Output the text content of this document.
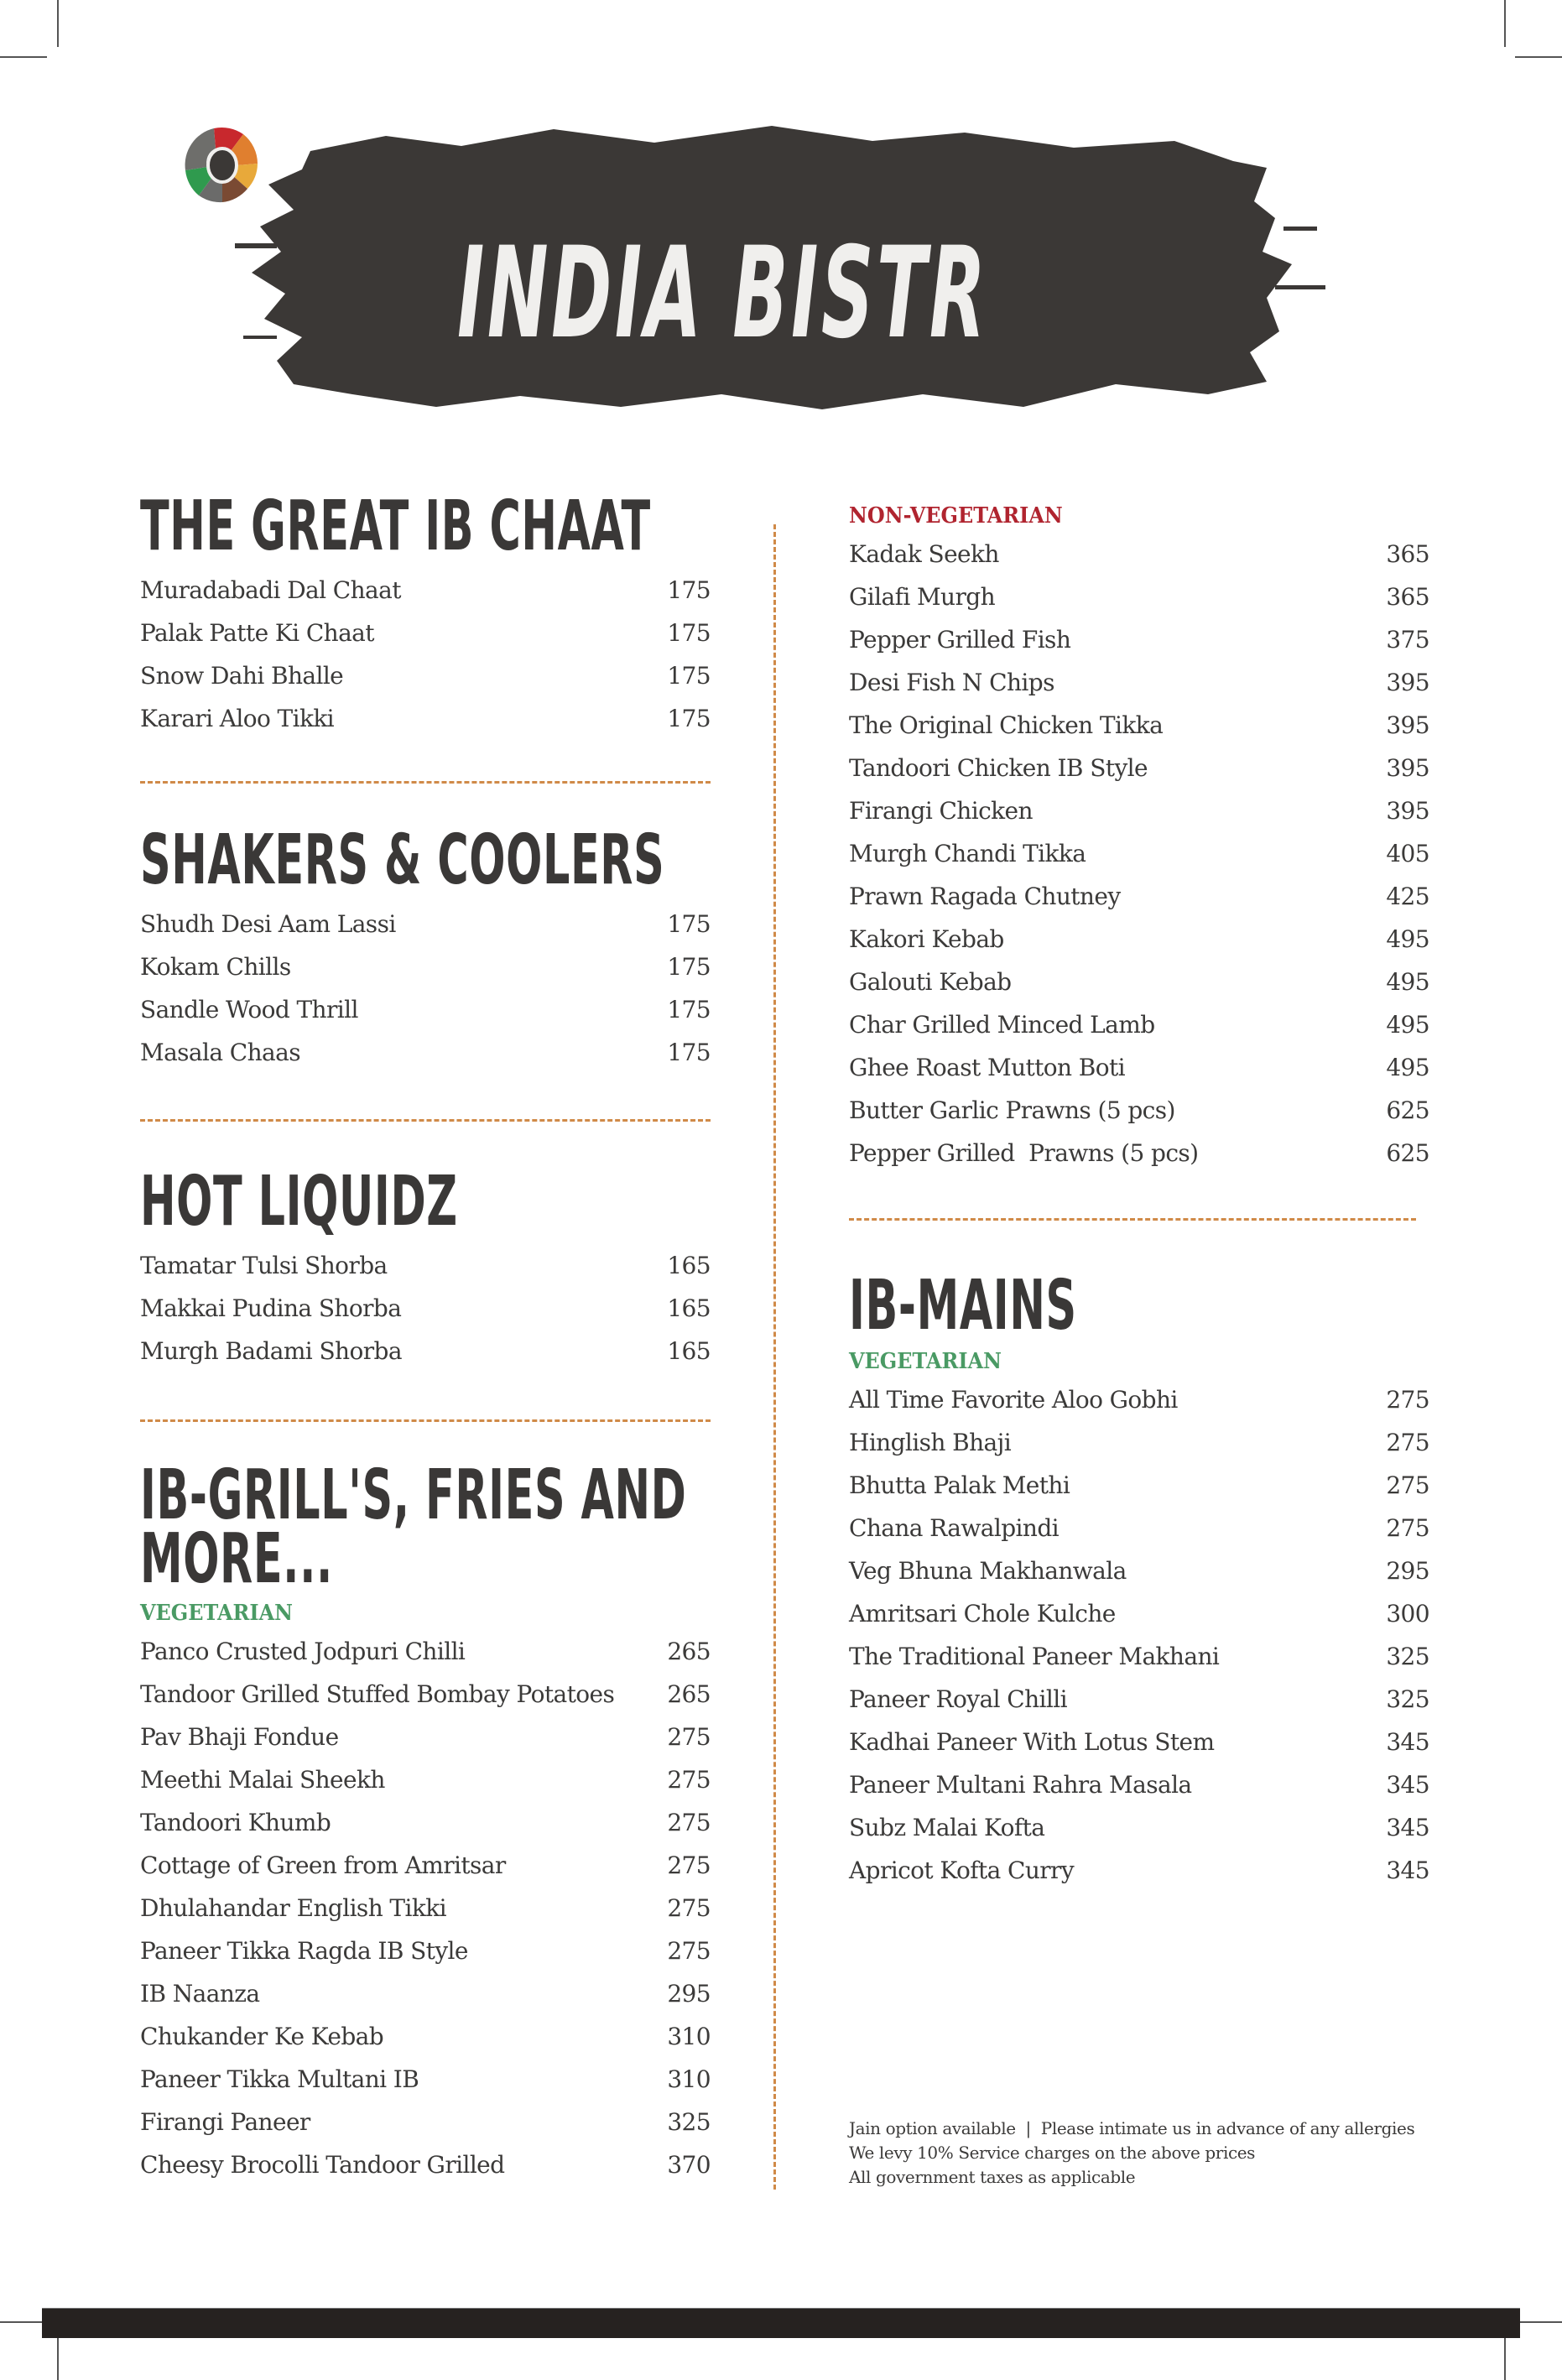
INDIA BISTR
THE GREAT IB CHAAT
Muradabadi Dal Chaat	175
Palak Patte Ki Chaat	175
Snow Dahi Bhalle	175
Karari Aloo Tikki	175
SHAKERS & COOLERS
Shudh Desi Aam Lassi	175
Kokam Chills	175
Sandle Wood Thrill	175
Masala Chaas	175
HOT LIQUIDZ
Tamatar Tulsi Shorba	165
Makkai Pudina Shorba	165
Murgh Badami Shorba	165
IB-GRILL'S, FRIES AND MORE...
VEGETARIAN
Panco Crusted Jodpuri Chilli	265
Tandoor Grilled Stuffed Bombay Potatoes 265
Pav Bhaji Fondue	275
Meethi Malai Sheekh	275
Tandoori Khumb	275
Cottage of Green from Amritsar	275
Dhulahandar English Tikki	275
Paneer Tikka Ragda IB Style	275
IB Naanza	295
Chukander Ke Kebab	310
Paneer Tikka Multani IB	310
Firangi Paneer	325
Cheesy Brocolli Tandoor Grilled	370
NON-VEGETARIAN
Kadak Seekh	365
Gilafi Murgh	365
Pepper Grilled Fish	375
Desi Fish N Chips	395
The Original Chicken Tikka	395
Tandoori Chicken IB Style	395
Firangi Chicken	395
Murgh Chandi Tikka	405
Prawn Ragada Chutney	425
Kakori Kebab	495
Galouti Kebab	495
Char Grilled Minced Lamb	495
Ghee Roast Mutton Boti	495
Butter Garlic Prawns (5 pcs)	625
Pepper Grilled  Prawns (5 pcs)	625
IB-MAINS
VEGETARIAN
All Time Favorite Aloo Gobhi	275
Hinglish Bhaji	275
Bhutta Palak Methi	275
Chana Rawalpindi	275
Veg Bhuna Makhanwala	295
Amritsari Chole Kulche	300
The Traditional Paneer Makhani	325
Paneer Royal Chilli	325
Kadhai Paneer With Lotus Stem	345
Paneer Multani Rahra Masala	345
Subz Malai Kofta	345
Apricot Kofta Curry	345
Jain option available  |  Please intimate us in advance of any allergies
We levy 10% Service charges on the above prices
All government taxes as applicable
